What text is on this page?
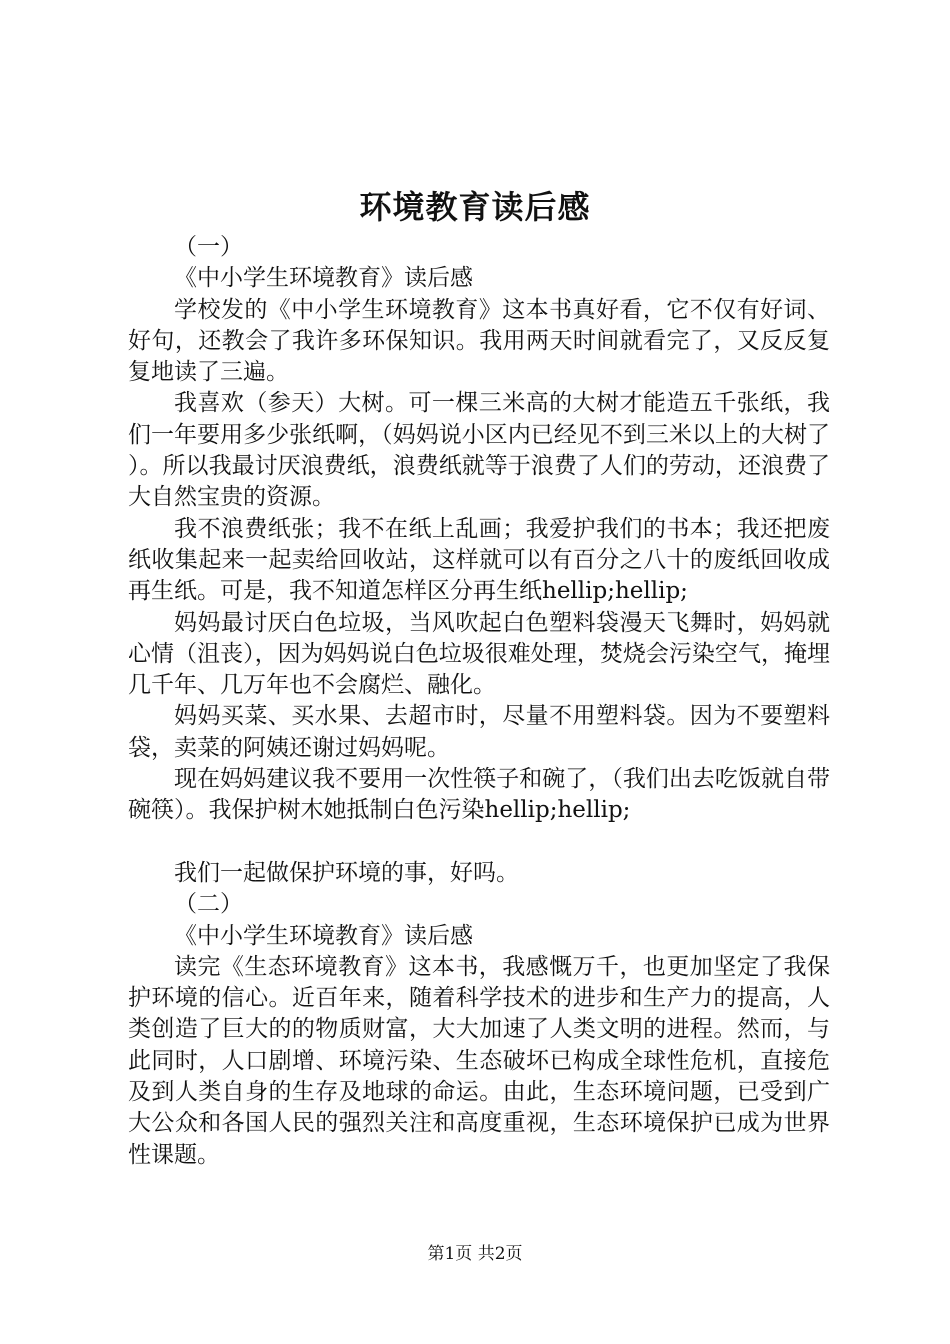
环境教育读后感

（一）

《中小学生环境教育》读后感

学校发的《中小学生环境教育》这本书真好看，它不仅有好词、好句，还教会了我许多环保知识。我用两天时间就看完了，又反反复复地读了三遍。

我喜欢（参天）大树。可一棵三米高的大树才能造五千张纸，我们一年要用多少张纸啊，（妈妈说小区内已经见不到三米以上的大树了）。所以我最讨厌浪费纸，浪费纸就等于浪费了人们的劳动，还浪费了大自然宝贵的资源。

我不浪费纸张；我不在纸上乱画；我爱护我们的书本；我还把废纸收集起来一起卖给回收站，这样就可以有百分之八十的废纸回收成再生纸。可是，我不知道怎样区分再生纸hellip;hellip;

妈妈最讨厌白色垃圾，当风吹起白色塑料袋漫天飞舞时，妈妈就心情（沮丧），因为妈妈说白色垃圾很难处理，焚烧会污染空气，掩埋几千年、几万年也不会腐烂、融化。

妈妈买菜、买水果、去超市时，尽量不用塑料袋。因为不要塑料袋，卖菜的阿姨还谢过妈妈呢。

现在妈妈建议我不要用一次性筷子和碗了，（我们出去吃饭就自带碗筷）。我保护树木她抵制白色污染hellip;hellip;

我们一起做保护环境的事，好吗。

（二）

《中小学生环境教育》读后感

读完《生态环境教育》这本书，我感慨万千，也更加坚定了我保护环境的信心。近百年来，随着科学技术的进步和生产力的提高，人类创造了巨大的的物质财富，大大加速了人类文明的进程。然而，与此同时，人口剧增、环境污染、生态破坏已构成全球性危机，直接危及到人类自身的生存及地球的命运。由此，生态环境问题，已受到广大公众和各国人民的强烈关注和高度重视，生态环境保护已成为世界性课题。

第1页 共2页
